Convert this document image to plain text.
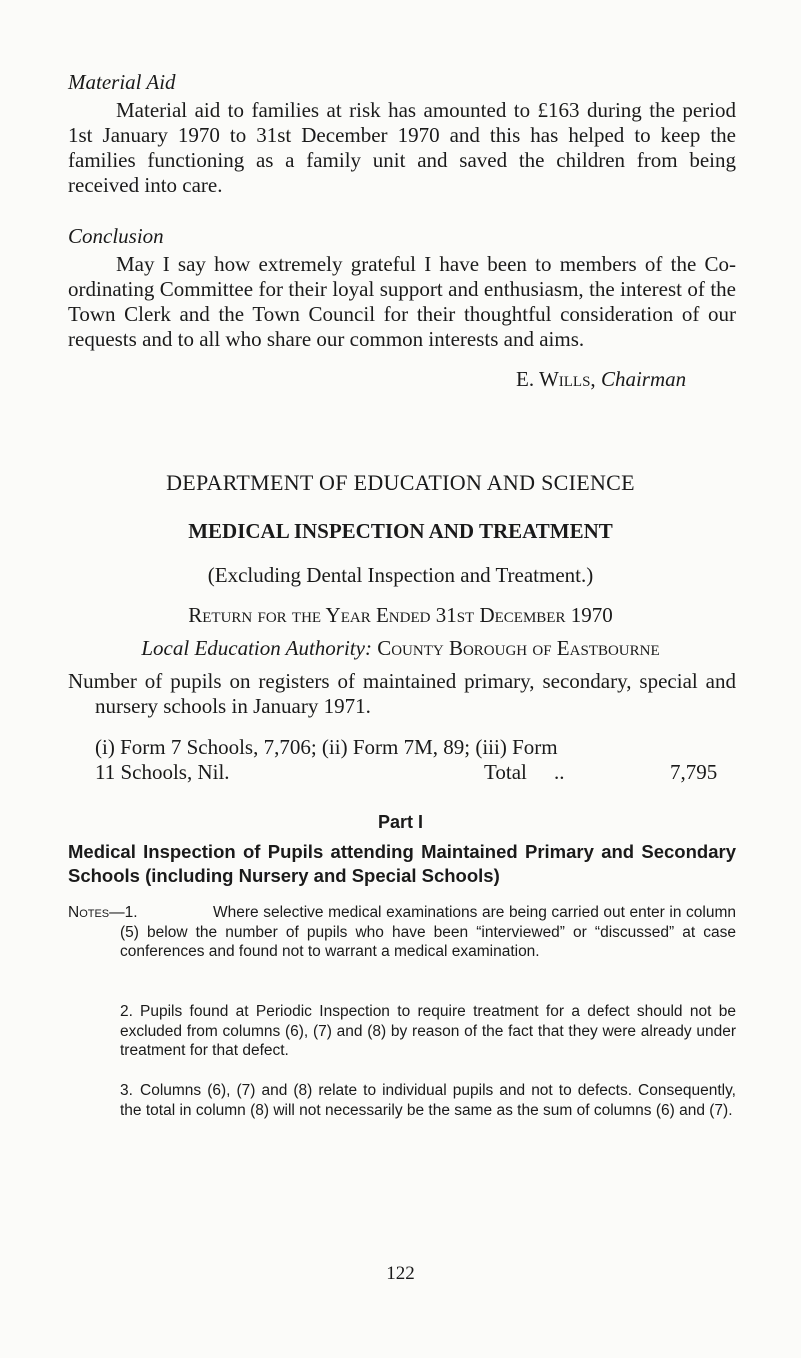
Material Aid
Material aid to families at risk has amounted to £163 during the period 1st January 1970 to 31st December 1970 and this has helped to keep the families functioning as a family unit and saved the children from being received into care.
Conclusion
May I say how extremely grateful I have been to members of the Co-ordinating Committee for their loyal support and enthusiasm, the interest of the Town Clerk and the Town Council for their thoughtful consideration of our requests and to all who share our common interests and aims.
E. Wills, Chairman
DEPARTMENT OF EDUCATION AND SCIENCE
MEDICAL INSPECTION AND TREATMENT
(Excluding Dental Inspection and Treatment.)
Return for the Year Ended 31st December 1970
Local Education Authority: County Borough of Eastbourne
Number of pupils on registers of maintained primary, secondary, special and nursery schools in January 1971.
(i) Form 7 Schools, 7,706; (ii) Form 7M, 89; (iii) Form
11 Schools, Nil.	Total ..	7,795
Part I
Medical Inspection of Pupils attending Maintained Primary and Secondary Schools (including Nursery and Special Schools)
Notes—1.	Where selective medical examinations are being carried out enter in column (5) below the number of pupils who have been “interviewed” or “discussed” at case conferences and found not to warrant a medical examination.
2. Pupils found at Periodic Inspection to require treatment for a defect should not be excluded from columns (6), (7) and (8) by reason of the fact that they were already under treatment for that defect.
3. Columns (6), (7) and (8) relate to individual pupils and not to defects. Consequently, the total in column (8) will not necessarily be the same as the sum of columns (6) and (7).
122
